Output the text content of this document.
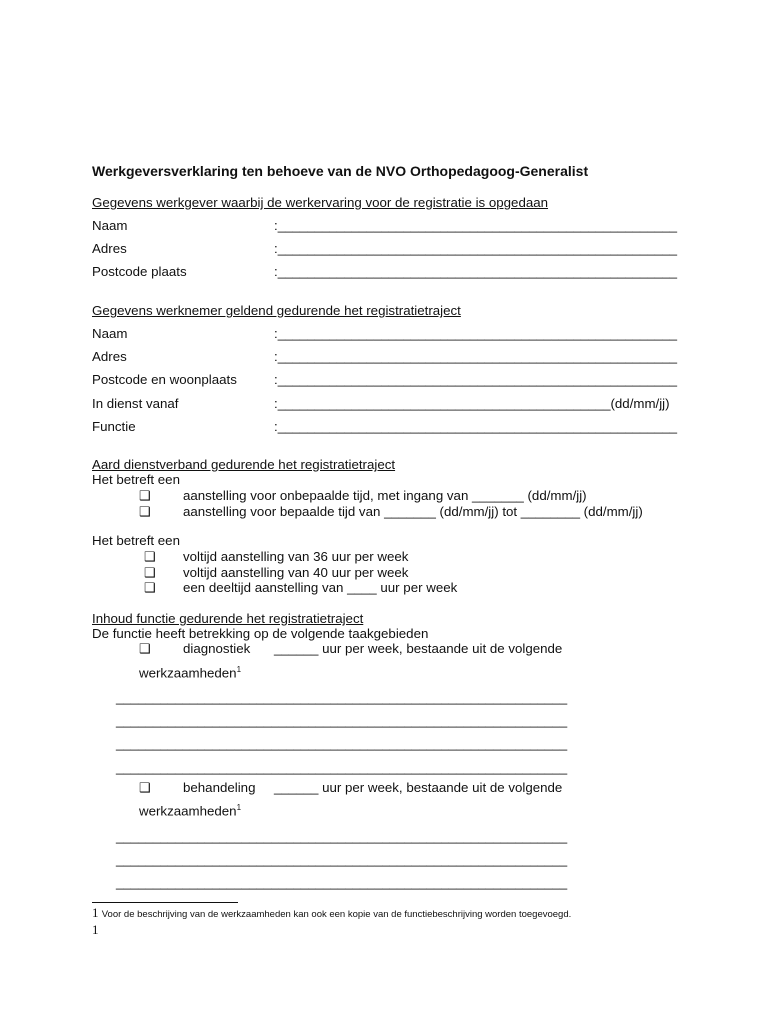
Werkgeversverklaring ten behoeve van de NVO Orthopedagoog-Generalist
Gegevens werkgever waarbij de werkervaring voor de registratie is opgedaan
Naam	:______________________________________________________
Adres	:______________________________________________________
Postcode plaats	:______________________________________________________
Gegevens werknemer geldend gedurende het registratietraject
Naam	:______________________________________________________
Adres	:______________________________________________________
Postcode en woonplaats	:______________________________________________________
In dienst vanaf	:_____________________________________________(dd/mm/jj)
Functie	:______________________________________________________
Aard dienstverband gedurende het registratietraject
Het betreft een
❑ aanstelling voor onbepaalde tijd, met ingang van _______ (dd/mm/jj)
❑ aanstelling voor bepaalde tijd van _______ (dd/mm/jj) tot ________ (dd/mm/jj)
Het betreft een
❑ voltijd aanstelling van 36 uur per week
❑ voltijd aanstelling van 40 uur per week
❑ een deeltijd aanstelling van ____ uur per week
Inhoud functie gedurende het registratietraject
De functie heeft betrekking op de volgende taakgebieden
❑ diagnostiek ______ uur per week, bestaande uit de volgende
werkzaamheden$^1$
_____________________________________________________________
_____________________________________________________________
_____________________________________________________________
_____________________________________________________________
❑ behandeling ______ uur per week, bestaande uit de volgende
werkzaamheden$^1$
_____________________________________________________________
_____________________________________________________________
_____________________________________________________________
1 Voor de beschrijving van de werkzaamheden kan ook een kopie van de functiebeschrijving worden toegevoegd.
1
